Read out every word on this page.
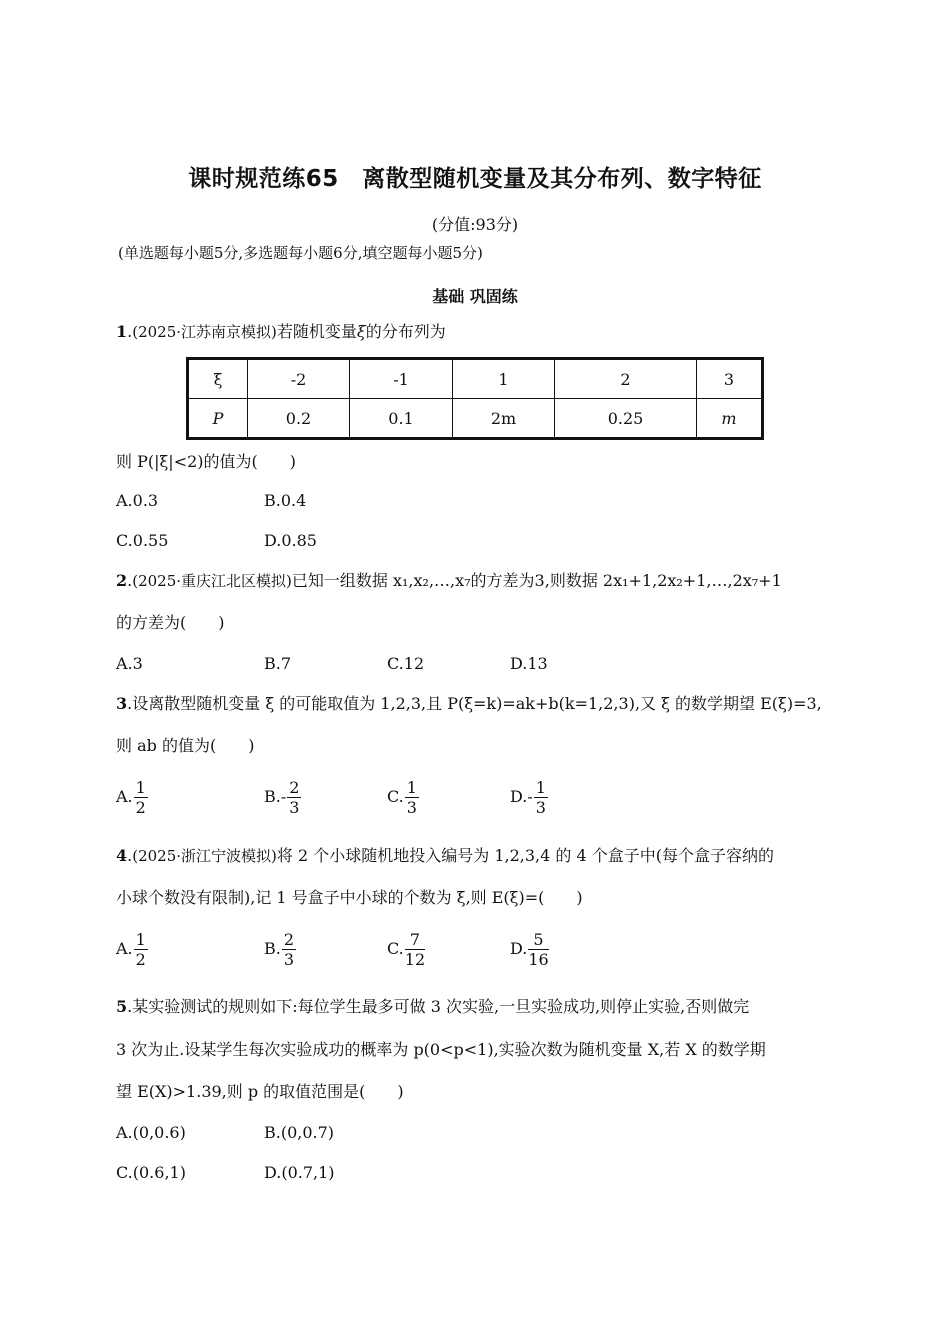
课时规范练65　离散型随机变量及其分布列、数字特征
(分值:93分)
(单选题每小题5分,多选题每小题6分,填空题每小题5分)
基础 巩固练
1.(2025·江苏南京模拟)若随机变量ξ的分布列为
ξ	-2	-1	1	2	3
P	0.2	0.1	2m	0.25	m
则 P(|ξ|<2)的值为(　　)
A.0.3	B.0.4
C.0.55	D.0.85
2.(2025·重庆江北区模拟)已知一组数据 x₁,x₂,…,x₇的方差为3,则数据 2x₁+1,2x₂+1,…,2x₇+1
的方差为(　　)
A.3	B.7	C.12	D.13
3.设离散型随机变量 ξ 的可能取值为 1,2,3,且 P(ξ=k)=ak+b(k=1,2,3),又 ξ 的数学期望 E(ξ)=3,
则 ab 的值为(　　)
A. $\frac{1}{2}$	$B.- \frac{2}{3}$	C. $\frac{1}{3}$	$D.- \frac{1}{3}$
4.(2025·浙江宁波模拟)将 2 个小球随机地投入编号为 1,2,3,4 的 4 个盒子中(每个盒子容纳的
小球个数没有限制),记 1 号盒子中小球的个数为 ξ,则 E(ξ)=(　　)
A. $\frac{1}{2}$	B. $\frac{2}{3}$	C. $\frac{7}{12}$	D. $\frac{5}{16}$
5.某实验测试的规则如下:每位学生最多可做 3 次实验,一旦实验成功,则停止实验,否则做完
3 次为止.设某学生每次实验成功的概率为 p(0<p<1),实验次数为随机变量 X,若 X 的数学期
望 E(X)>1.39,则 p 的取值范围是(　　)
A.(0,0.6)	B.(0,0.7)
C.(0.6,1)	D.(0.7,1)
